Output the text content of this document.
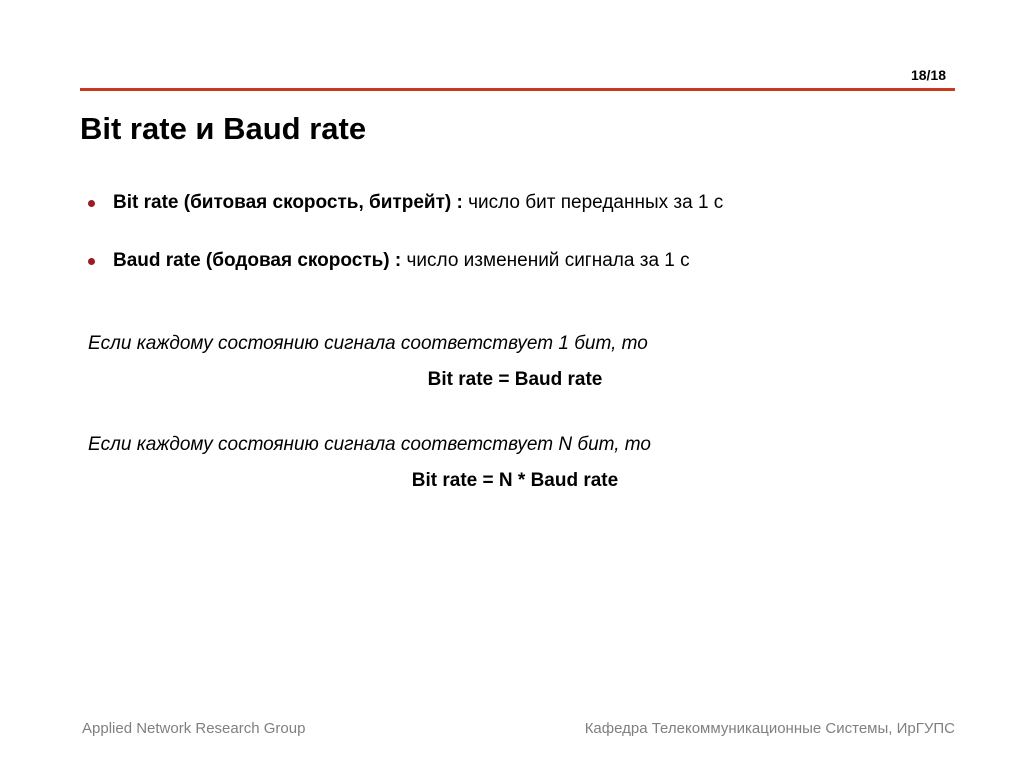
18/18
Bit rate и Baud rate
Bit rate (битовая скорость, битрейт) : число бит переданных за 1 с
Baud rate (бодовая скорость) : число изменений сигнала за 1 с
Если каждому состоянию сигнала соответствует 1 бит, то
Bit rate = Baud rate
Если каждому состоянию сигнала соответствует N бит, то
Bit rate = N * Baud rate
Applied Network Research Group	Кафедра Телекоммуникационные Системы, ИрГУПС
